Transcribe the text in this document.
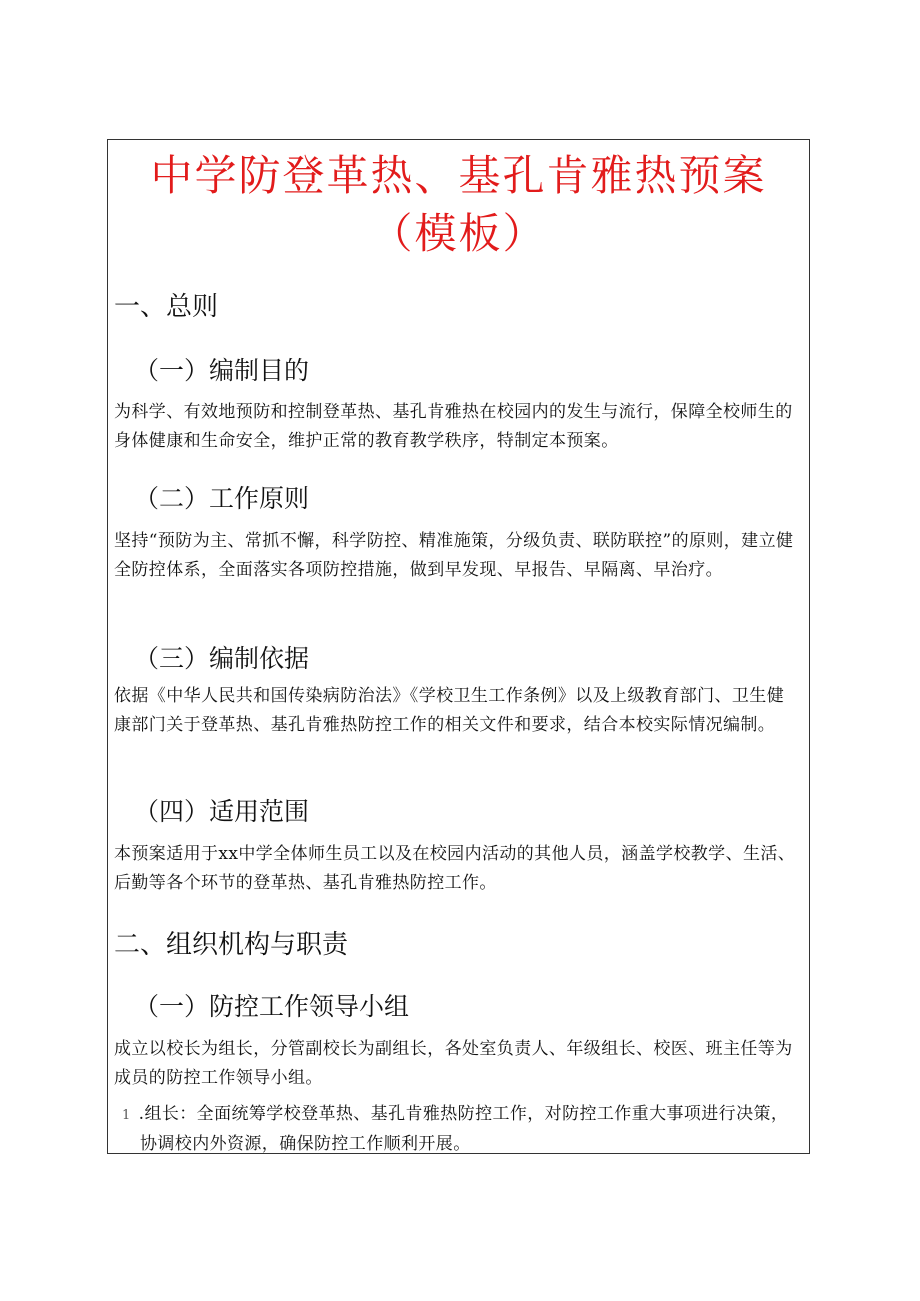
中学防登革热、基孔肯雅热预案
（模板）
一、总则
（一）编制目的

为科学、有效地预防和控制登革热、基孔肯雅热在校园内的发生与流行，保障全校师生的身体健康和生命安全，维护正常的教育教学秩序，特制定本预案。

（二）工作原则

坚持“预防为主、常抓不懈，科学防控、精准施策，分级负责、联防联控”的原则，建立健全防控体系，全面落实各项防控措施，做到早发现、早报告、早隔离、早治疗。

（三）编制依据

依据《中华人民共和国传染病防治法》《学校卫生工作条例》以及上级教育部门、卫生健康部门关于登革热、基孔肯雅热防控工作的相关文件和要求，结合本校实际情况编制。

（四）适用范围

本预案适用于xx中学全体师生员工以及在校园内活动的其他人员，涵盖学校教学、生活、后勤等各个环节的登革热、基孔肯雅热防控工作。

二、组织机构与职责
（一）防控工作领导小组

成立以校长为组长，分管副校长为副组长，各处室负责人、年级组长、校医、班主任等为成员的防控工作领导小组。

1 .组长：全面统筹学校登革热、基孔肯雅热防控工作，对防控工作重大事项进行决策，协调校内外资源，确保防控工作顺利开展。
